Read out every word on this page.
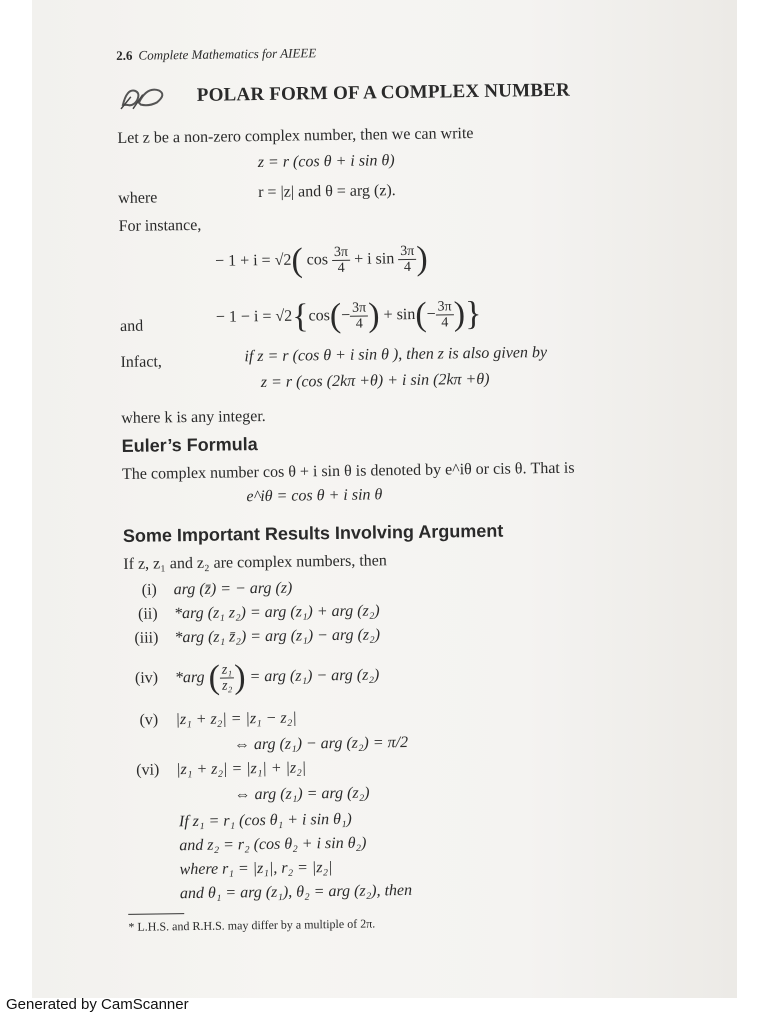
2.6 Complete Mathematics for AIEEE
POLAR FORM OF A COMPLEX NUMBER
Let z be a non-zero complex number, then we can write
z = r (cos θ + i sin θ)
where	r = |z| and θ = arg (z).
For instance,
− 1 + i = √2( $\cos \frac{3\pi}{4} + i$ $\sin \frac{3\pi}{4}$ )
and
− $1 - i = √2\{\cos(- \frac{3\pi}{4}$ ) + $\sin(- \frac{3\pi}{4}$ )}
Infact,	if z = r (cos θ + i sin θ ), then z is also given by
z = r (cos (2kπ +θ) + i sin (2kπ +θ)
where k is any integer.
Euler’s Formula
The complex number cos θ + i sin θ is denoted by e^iθ or cis θ. That is
e^iθ = cos θ + i sin θ
Some Important Results Involving Argument
If z, z₁ and z₂ are complex numbers, then
(i) arg (z̄) = − arg (z)
(ii) *arg (z₁ z₂) = arg (z₁) + arg (z₂)
(iii) *arg (z₁ z̄₂) = arg (z₁) − arg (z₂)
(iv) *arg ( $\frac{\text{z₁}}{\text{z₂}}$ ) = arg (z₁) − arg (z₂)
(v) |z₁ + z₂| = |z₁ − z₂|
⇔ arg (z₁) − arg (z₂) = π/2
(vi) |z₁ + z₂| = |z₁| + |z₂|
⇔ arg (z₁) = arg (z₂)
If z₁ = r₁ (cos θ₁ + i sin θ₁)
and z₂ = r₂ (cos θ₂ + i sin θ₂)
where r₁ = |z₁|, r₂ = |z₂|
and θ₁ = arg (z₁), θ₂ = arg (z₂), then
* L.H.S. and R.H.S. may differ by a multiple of 2π.
Generated by CamScanner
